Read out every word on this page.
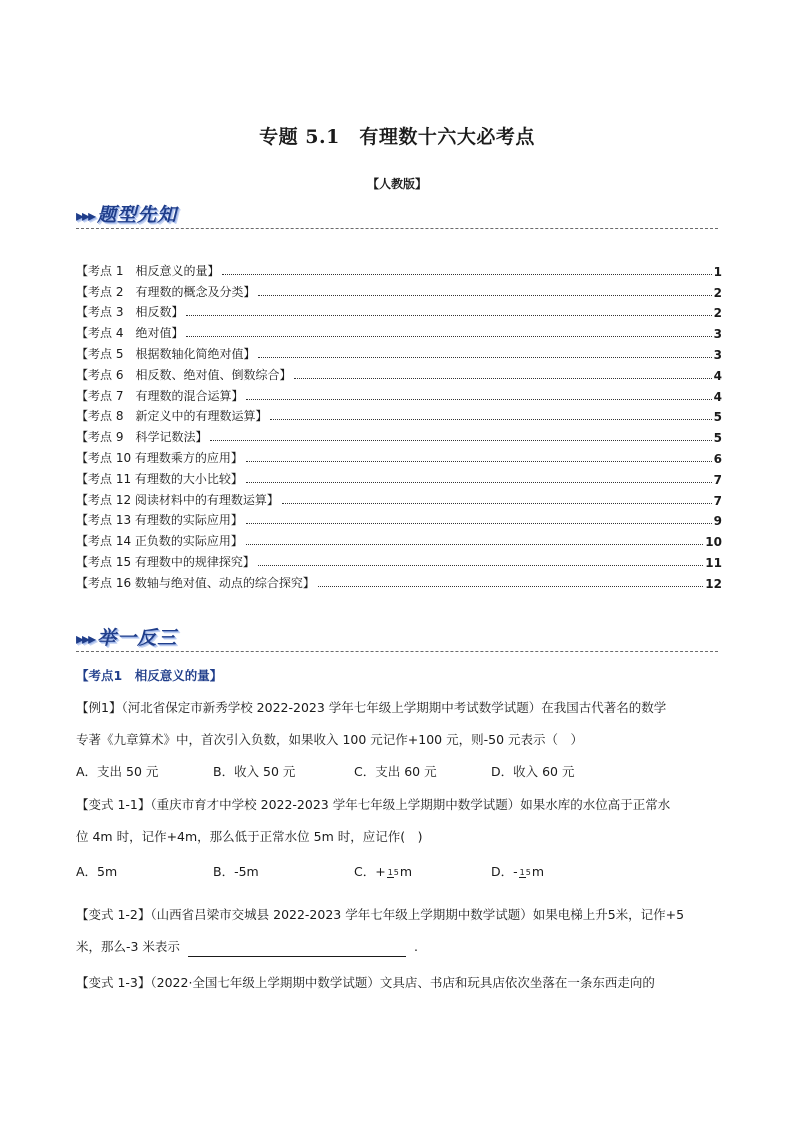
专题 5.1　有理数十六大必考点
【人教版】
▸▸▸ 题型先知
【考点 1　相反意义的量】	1
【考点 2　有理数的概念及分类】	2
【考点 3　相反数】	2
【考点 4　绝对值】	3
【考点 5　根据数轴化简绝对值】	3
【考点 6　相反数、绝对值、倒数综合】	4
【考点 7　有理数的混合运算】	4
【考点 8　新定义中的有理数运算】	5
【考点 9　科学记数法】	5
【考点 10 有理数乘方的应用】	6
【考点 11 有理数的大小比较】	7
【考点 12 阅读材料中的有理数运算】	7
【考点 13 有理数的实际应用】	9
【考点 14 正负数的实际应用】	10
【考点 15 有理数中的规律探究】	11
【考点 16 数轴与绝对值、动点的综合探究】	12
▸▸▸ 举一反三
【考点1　相反意义的量】
【例1】（河北省保定市新秀学校 2022-2023 学年七年级上学期期中考试数学试题）在我国古代著名的数学
专著《九章算术》中，首次引入负数，如果收入 100 元记作+100 元，则-50 元表示（　）
A．支出 50 元	B．收入 50 元	C．支出 60 元	D．收入 60 元
【变式 1-1】（重庆市育才中学校 2022-2023 学年七年级上学期期中数学试题）如果水库的水位高于正常水
位 4m 时，记作+4m，那么低于正常水位 5m 时，应记作(　)
A．5m	B．-5m	C．+ 15m	D．- 15m
【变式 1-2】（山西省吕梁市交城县 2022-2023 学年七年级上学期期中数学试题）如果电梯上升5米，记作+5
米，那么-3 米表示	.
【变式 1-3】（2022·全国七年级上学期期中数学试题）文具店、书店和玩具店依次坐落在一条东西走向的
